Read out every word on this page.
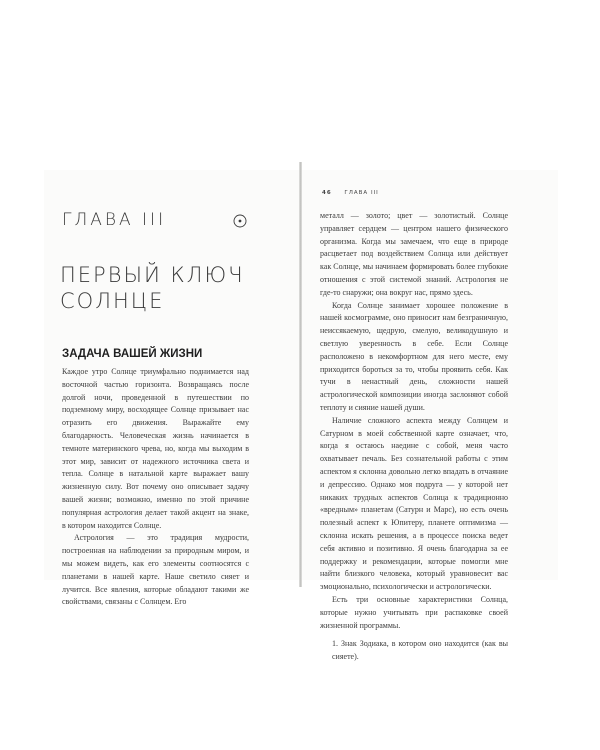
ГЛАВА III
ПЕРВЫЙ КЛЮЧ
СОЛНЦЕ
ЗАДАЧА ВАШЕЙ ЖИЗНИ

Каждое утро Солнце триумфально поднимается над восточной частью горизонта. Возвращаясь после долгой ночи, проведенной в путешествии по подземному миру, восходящее Солнце призывает нас отразить его движения. Выражайте ему благодарность. Человеческая жизнь начинается в темноте материнского чрева, но, когда мы выходим в этот мир, зависит от надежного источника света и тепла. Солнце в натальной карте выражает вашу жизненную силу. Вот почему оно описывает задачу вашей жизни; возможно, именно по этой причине популярная астрология делает такой акцент на знаке, в котором находится Солнце.

Астрология — это традиция мудрости, построенная на наблюдении за природным миром, и мы можем видеть, как его элементы соотносятся с планетами в нашей карте. Наше светило сияет и лучится. Все явления, которые обладают такими же свойствами, связаны с Солнцем. Его

46 ГЛАВА III

металл — золото; цвет — золотистый. Солнце управляет сердцем — центром нашего физического организма. Когда мы замечаем, что еще в природе расцветает под воздействием Солнца или действует как Солнце, мы начинаем формировать более глубокие отношения с этой системой знаний. Астрология не где-то снаружи; она вокруг нас, прямо здесь.

Когда Солнце занимает хорошее положение в нашей космограмме, оно приносит нам безграничную, неиссякаемую, щедрую, смелую, великодушную и светлую уверенность в себе. Если Солнце расположено в некомфортном для него месте, ему приходится бороться за то, чтобы проявить себя. Как тучи в ненастный день, сложности нашей астрологической композиции иногда заслоняют собой теплоту и сияние нашей души.

Наличие сложного аспекта между Солнцем и Сатурном в моей собственной карте означает, что, когда я остаюсь наедине с собой, меня часто охватывает печаль. Без сознательной работы с этим аспектом я склонна довольно легко впадать в отчаяние и депрессию. Однако моя подруга — у которой нет никаких трудных аспектов Солнца к традиционно «вредным» планетам (Сатурн и Марс), но есть очень полезный аспект к Юпитеру, планете оптимизма — склонна искать решения, а в процессе поиска ведет себя активно и позитивно. Я очень благодарна за ее поддержку и рекомендации, которые помогли мне найти близкого человека, который уравновесит вас эмоционально, психологически и астрологически.

Есть три основные характеристики Солнца, которые нужно учитывать при распаковке своей жизненной программы.

1. Знак Зодиака, в котором оно находится (как вы сияете).
